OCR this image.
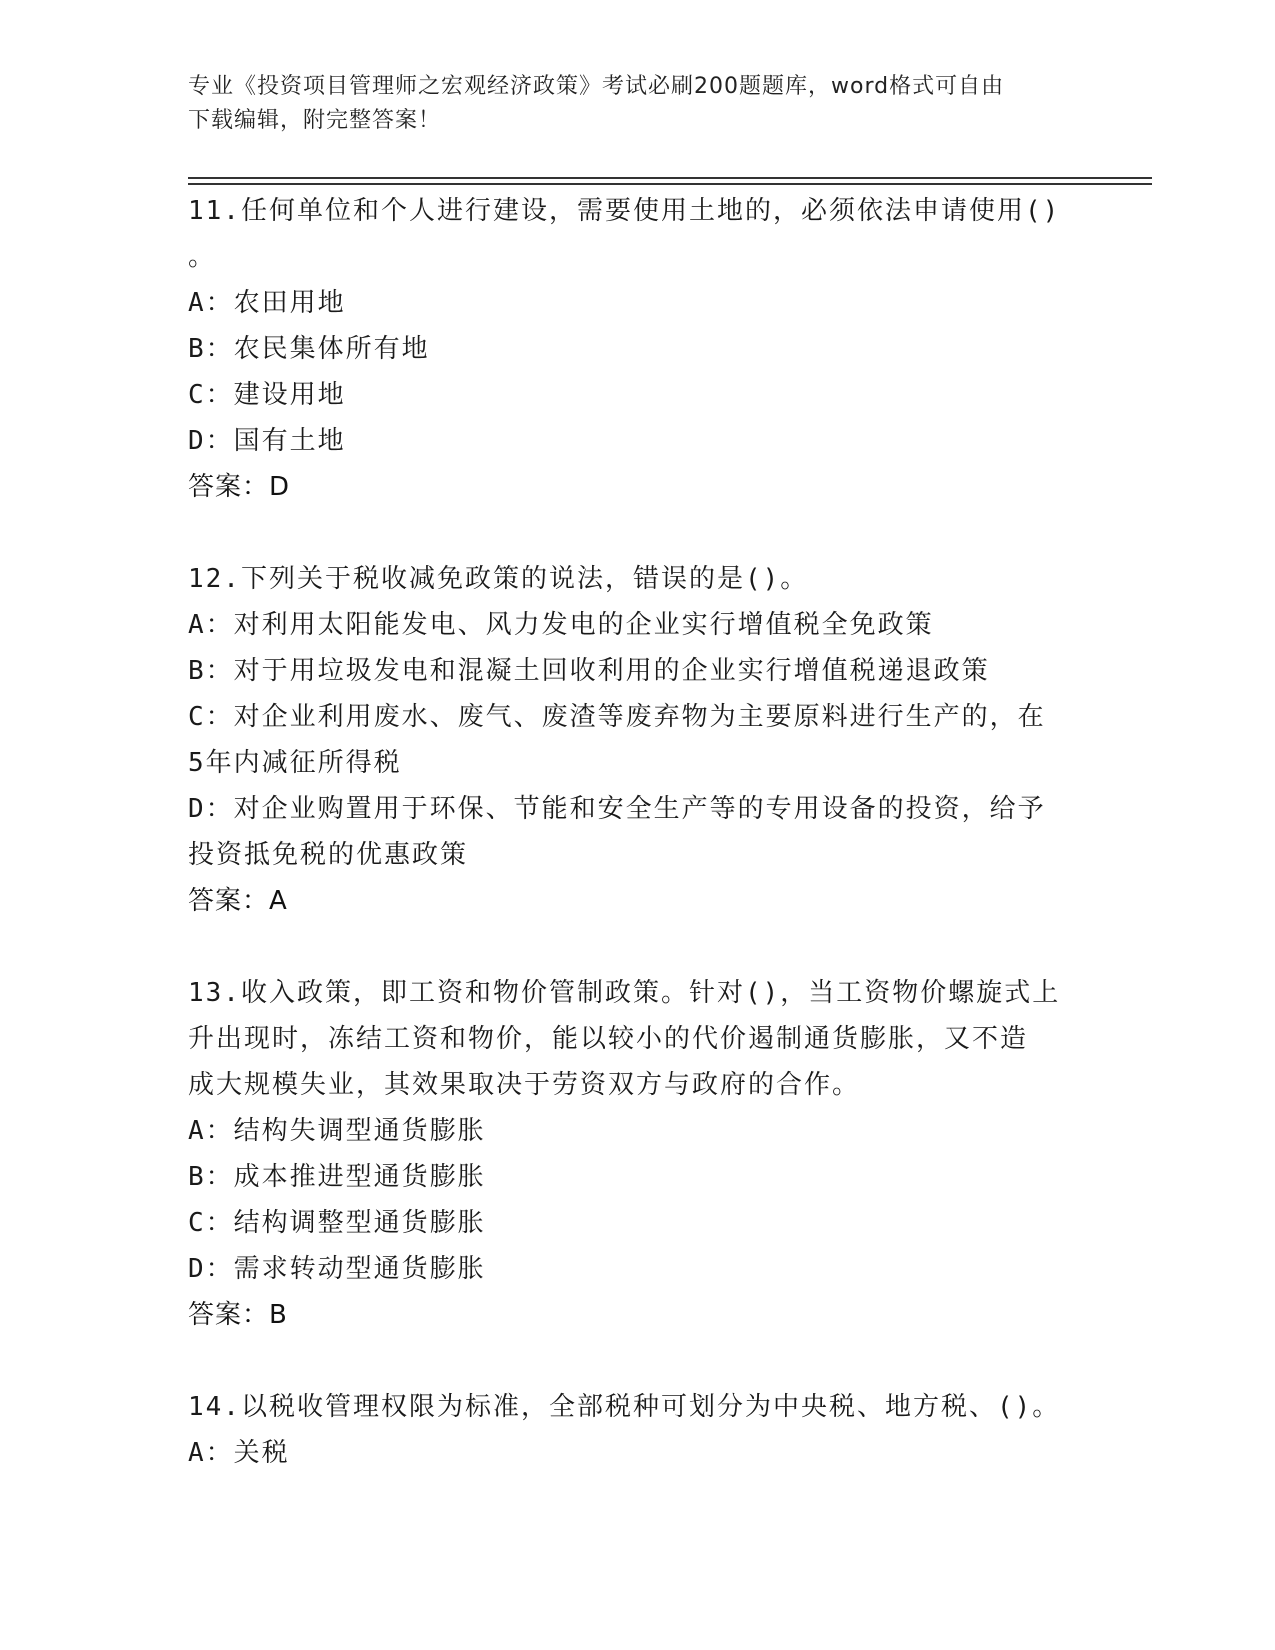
专业《投资项目管理师之宏观经济政策》考试必刷200题题库，word格式可自由
下载编辑，附完整答案！
11.任何单位和个人进行建设，需要使用土地的，必须依法申请使用()
。
A：农田用地
B：农民集体所有地
C：建设用地
D：国有土地
答案：D
12.下列关于税收减免政策的说法，错误的是()。
A：对利用太阳能发电、风力发电的企业实行增值税全免政策
B：对于用垃圾发电和混凝土回收利用的企业实行增值税递退政策
C：对企业利用废水、废气、废渣等废弃物为主要原料进行生产的，在
5年内减征所得税
D：对企业购置用于环保、节能和安全生产等的专用设备的投资，给予
投资抵免税的优惠政策
答案：A
13.收入政策，即工资和物价管制政策。针对()，当工资物价螺旋式上
升出现时，冻结工资和物价，能以较小的代价遏制通货膨胀，又不造
成大规模失业，其效果取决于劳资双方与政府的合作。
A：结构失调型通货膨胀
B：成本推进型通货膨胀
C：结构调整型通货膨胀
D：需求转动型通货膨胀
答案：B
14.以税收管理权限为标准，全部税种可划分为中央税、地方税、()。
A：关税
